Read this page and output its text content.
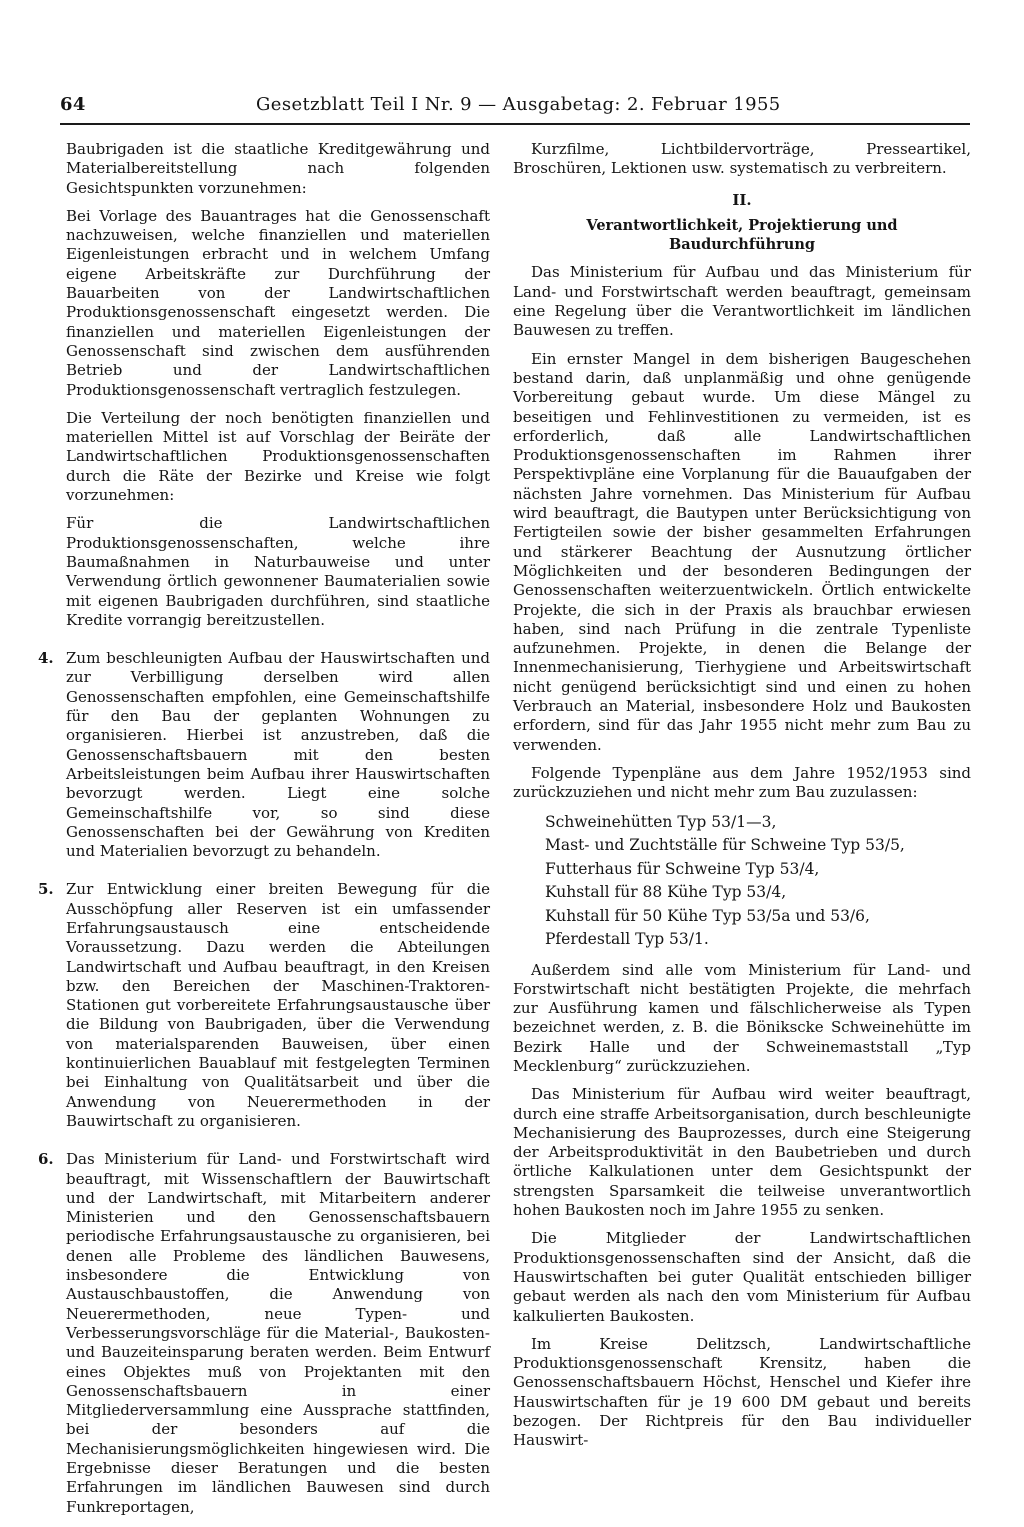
64	Gesetzblatt Teil I Nr. 9 — Ausgabetag: 2. Februar 1955

Baubrigaden ist die staatliche Kreditgewährung und Materialbereitstellung nach folgenden Gesichtspunkten vorzunehmen:

Bei Vorlage des Bauantrages hat die Genossenschaft nachzuweisen, welche finanziellen und materiellen Eigenleistungen erbracht und in welchem Umfang eigene Arbeitskräfte zur Durchführung der Bauarbeiten von der Landwirtschaftlichen Produktionsgenossenschaft eingesetzt werden. Die finanziellen und materiellen Eigenleistungen der Genossenschaft sind zwischen dem ausführenden Betrieb und der Landwirtschaftlichen Produktionsgenossenschaft vertraglich festzulegen.

Die Verteilung der noch benötigten finanziellen und materiellen Mittel ist auf Vorschlag der Beiräte der Landwirtschaftlichen Produktionsgenossenschaften durch die Räte der Bezirke und Kreise wie folgt vorzunehmen:

Für die Landwirtschaftlichen Produktionsgenossenschaften, welche ihre Baumaßnahmen in Naturbauweise und unter Verwendung örtlich gewonnener Baumaterialien sowie mit eigenen Baubrigaden durchführen, sind staatliche Kredite vorrangig bereitzustellen.

4. Zum beschleunigten Aufbau der Hauswirtschaften und zur Verbilligung derselben wird allen Genossenschaften empfohlen, eine Gemeinschaftshilfe für den Bau der geplanten Wohnungen zu organisieren. Hierbei ist anzustreben, daß die Genossenschaftsbauern mit den besten Arbeitsleistungen beim Aufbau ihrer Hauswirtschaften bevorzugt werden. Liegt eine solche Gemeinschaftshilfe vor, so sind diese Genossenschaften bei der Gewährung von Krediten und Materialien bevorzugt zu behandeln.

5. Zur Entwicklung einer breiten Bewegung für die Ausschöpfung aller Reserven ist ein umfassender Erfahrungsaustausch eine entscheidende Voraussetzung. Dazu werden die Abteilungen Landwirtschaft und Aufbau beauftragt, in den Kreisen bzw. den Bereichen der Maschinen-Traktoren-Stationen gut vorbereitete Erfahrungsaustausche über die Bildung von Baubrigaden, über die Verwendung von materialsparenden Bauweisen, über einen kontinuierlichen Bauablauf mit festgelegten Terminen bei Einhaltung von Qualitätsarbeit und über die Anwendung von Neuerermethoden in der Bauwirtschaft zu organisieren.

6. Das Ministerium für Land- und Forstwirtschaft wird beauftragt, mit Wissenschaftlern der Bauwirtschaft und der Landwirtschaft, mit Mitarbeitern anderer Ministerien und den Genossenschaftsbauern periodische Erfahrungsaustausche zu organisieren, bei denen alle Probleme des ländlichen Bauwesens, insbesondere die Entwicklung von Austauschbaustoffen, die Anwendung von Neuerermethoden, neue Typen- und Verbesserungsvorschläge für die Material-, Baukosten- und Bauzeiteinsparung beraten werden. Beim Entwurf eines Objektes muß von Projektanten mit den Genossenschaftsbauern in einer Mitgliederversammlung eine Aussprache stattfinden, bei der besonders auf die Mechanisierungsmöglichkeiten hingewiesen wird. Die Ergebnisse dieser Beratungen und die besten Erfahrungen im ländlichen Bauwesen sind durch Funkreportagen,

Kurzfilme, Lichtbildervorträge, Presseartikel, Broschüren, Lektionen usw. systematisch zu verbreitern.

II.
Verantwortlichkeit, Projektierung und Baudurchführung

Das Ministerium für Aufbau und das Ministerium für Land- und Forstwirtschaft werden beauftragt, gemeinsam eine Regelung über die Verantwortlichkeit im ländlichen Bauwesen zu treffen.

Ein ernster Mangel in dem bisherigen Baugeschehen bestand darin, daß unplanmäßig und ohne genügende Vorbereitung gebaut wurde. Um diese Mängel zu beseitigen und Fehlinvestitionen zu vermeiden, ist es erforderlich, daß alle Landwirtschaftlichen Produktionsgenossenschaften im Rahmen ihrer Perspektivpläne eine Vorplanung für die Bauaufgaben der nächsten Jahre vornehmen. Das Ministerium für Aufbau wird beauftragt, die Bautypen unter Berücksichtigung von Fertigteilen sowie der bisher gesammelten Erfahrungen und stärkerer Beachtung der Ausnutzung örtlicher Möglichkeiten und der besonderen Bedingungen der Genossenschaften weiterzuentwickeln. Örtlich entwickelte Projekte, die sich in der Praxis als brauchbar erwiesen haben, sind nach Prüfung in die zentrale Typenliste aufzunehmen. Projekte, in denen die Belange der Innenmechanisierung, Tierhygiene und Arbeitswirtschaft nicht genügend berücksichtigt sind und einen zu hohen Verbrauch an Material, insbesondere Holz und Baukosten erfordern, sind für das Jahr 1955 nicht mehr zum Bau zu verwenden.

Folgende Typenpläne aus dem Jahre 1952/1953 sind zurückzuziehen und nicht mehr zum Bau zuzulassen:

Schweinehütten Typ 53/1—3,
Mast- und Zuchtställe für Schweine Typ 53/5,
Futterhaus für Schweine Typ 53/4,
Kuhstall für 88 Kühe Typ 53/4,
Kuhstall für 50 Kühe Typ 53/5a und 53/6,
Pferdestall Typ 53/1.

Außerdem sind alle vom Ministerium für Land- und Forstwirtschaft nicht bestätigten Projekte, die mehrfach zur Ausführung kamen und fälschlicherweise als Typen bezeichnet werden, z. B. die Bönikscke Schweinehütte im Bezirk Halle und der Schweinemaststall „Typ Mecklenburg“ zurückzuziehen.

Das Ministerium für Aufbau wird weiter beauftragt, durch eine straffe Arbeitsorganisation, durch beschleunigte Mechanisierung des Bauprozesses, durch eine Steigerung der Arbeitsproduktivität in den Baubetrieben und durch örtliche Kalkulationen unter dem Gesichtspunkt der strengsten Sparsamkeit die teilweise unverantwortlich hohen Baukosten noch im Jahre 1955 zu senken.

Die Mitglieder der Landwirtschaftlichen Produktionsgenossenschaften sind der Ansicht, daß die Hauswirtschaften bei guter Qualität entschieden billiger gebaut werden als nach den vom Ministerium für Aufbau kalkulierten Baukosten.

Im Kreise Delitzsch, Landwirtschaftliche Produktionsgenossenschaft Krensitz, haben die Genossenschaftsbauern Höchst, Henschel und Kiefer ihre Hauswirtschaften für je 19 600 DM gebaut und bereits bezogen. Der Richtpreis für den Bau individueller Hauswirt-
